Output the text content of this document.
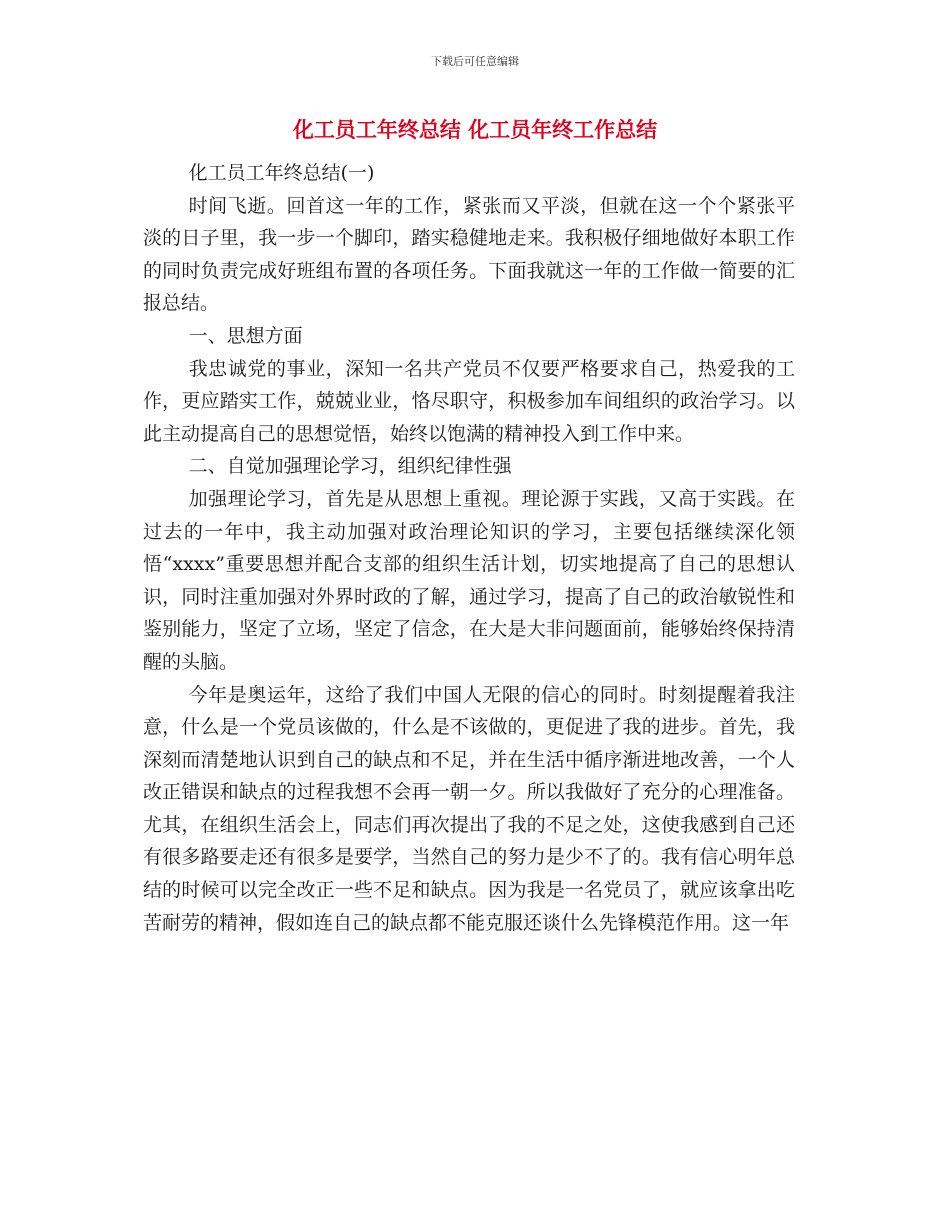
下载后可任意编辑
化工员工年终总结 化工员年终工作总结

化工员工年终总结(一)

时间飞逝。回首这一年的工作，紧张而又平淡，但就在这一个个紧张平淡的日子里，我一步一个脚印，踏实稳健地走来。我积极仔细地做好本职工作的同时负责完成好班组布置的各项任务。下面我就这一年的工作做一简要的汇报总结。

一、思想方面

我忠诚党的事业，深知一名共产党员不仅要严格要求自己，热爱我的工作，更应踏实工作，兢兢业业，恪尽职守，积极参加车间组织的政治学习。以此主动提高自己的思想觉悟，始终以饱满的精神投入到工作中来。

二、自觉加强理论学习，组织纪律性强

加强理论学习，首先是从思想上重视。理论源于实践，又高于实践。在过去的一年中，我主动加强对政治理论知识的学习，主要包括继续深化领悟“xxxx”重要思想并配合支部的组织生活计划，切实地提高了自己的思想认识，同时注重加强对外界时政的了解，通过学习，提高了自己的政治敏锐性和鉴别能力，坚定了立场，坚定了信念，在大是大非问题面前，能够始终保持清醒的头脑。

今年是奥运年，这给了我们中国人无限的信心的同时。时刻提醒着我注意，什么是一个党员该做的，什么是不该做的，更促进了我的进步。首先，我深刻而清楚地认识到自己的缺点和不足，并在生活中循序渐进地改善，一个人改正错误和缺点的过程我想不会再一朝一夕。所以我做好了充分的心理准备。尤其，在组织生活会上，同志们再次提出了我的不足之处，这使我感到自己还有很多路要走还有很多是要学，当然自己的努力是少不了的。我有信心明年总结的时候可以完全改正一些不足和缺点。因为我是一名党员了，就应该拿出吃苦耐劳的精神，假如连自己的缺点都不能克服还谈什么先锋模范作用。这一年
